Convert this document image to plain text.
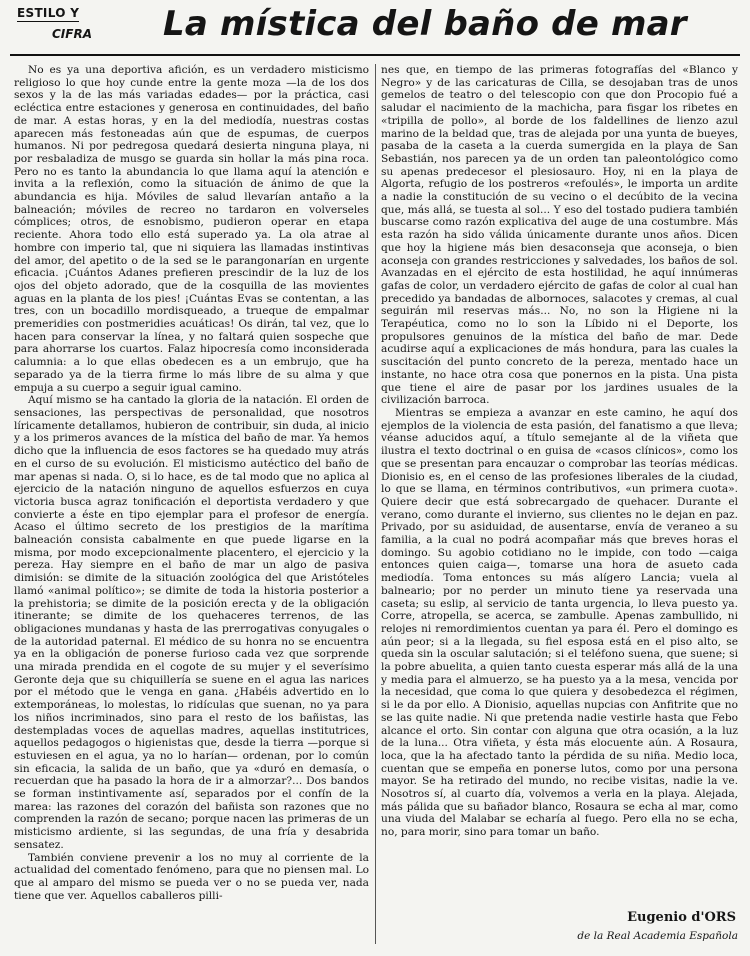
ESTILO Y
CIFRA La mística del baño de mar

No es ya una deportiva afición, es un verdadero misticismo religioso lo que hoy cunde entre la gente moza —la de los dos sexos y la de las más variadas edades— por la práctica, casi ecléctica entre estaciones y generosa en continuidades, del baño de mar. A estas horas, y en la del mediodía, nuestras costas aparecen más festoneadas aún que de espumas, de cuerpos humanos. Ni por pedregosa quedará desierta ninguna playa, ni por resbaladiza de musgo se guarda sin hollar la más pina roca. Pero no es tanto la abundancia lo que llama aquí la atención e invita a la reflexión, como la situación de ánimo de que la abundancia es hija. Móviles de salud llevarían antaño a la balneación; móviles de recreo no tardaron en volverseles cómplices; otros, de esnobismo, pudieron operar en etapa reciente. Ahora todo ello está superado ya. La ola atrae al hombre con imperio tal, que ni siquiera las llamadas instintivas del amor, del apetito o de la sed se le parangonarían en urgente eficacia. ¡Cuántos Adanes prefieren prescindir de la luz de los ojos del objeto adorado, que de la cosquilla de las movientes aguas en la planta de los pies! ¡Cuántas Evas se contentan, a las tres, con un bocadillo mordisqueado, a trueque de empalmar premeridies con postmeridies acuáticas! Os dirán, tal vez, que lo hacen para conservar la línea, y no faltará quien sospeche que para ahorrarse los cuartos. Falaz hipocresía como inconsiderada calumnia: a lo que ellas obedecen es a un embrujo, que ha separado ya de la tierra firme lo más libre de su alma y que empuja a su cuerpo a seguir igual camino.

Aquí mismo se ha cantado la gloria de la natación. El orden de sensaciones, las perspectivas de personalidad, que nosotros líricamente detallamos, hubieron de contribuir, sin duda, al inicio y a los primeros avances de la mística del baño de mar. Ya hemos dicho que la influencia de esos factores se ha quedado muy atrás en el curso de su evolución. El misticismo autéctico del baño de mar apenas si nada. O, si lo hace, es de tal modo que no aplica al ejercicio de la natación ninguno de aquellos esfuerzos en cuya victoria busca agraz tonificación el deportista verdadero y que convierte a éste en tipo ejemplar para el profesor de energía. Acaso el último secreto de los prestigios de la marítima balneación consista cabalmente en que puede ligarse en la misma, por modo excepcionalmente placentero, el ejercicio y la pereza. Hay siempre en el baño de mar un algo de pasiva dimisión: se dimite de la situación zoológica del que Aristóteles llamó «animal político»; se dimite de toda la historia posterior a la prehistoria; se dimite de la posición erecta y de la obligación itinerante; se dimite de los quehaceres terrenos, de las obligaciones mundanas y hasta de las prerrogativas conyugales o de la autoridad paternal. El médico de su honra no se encuentra ya en la obligación de ponerse furioso cada vez que sorprende una mirada prendida en el cogote de su mujer y el severísimo Geronte deja que su chiquillería se suene en el agua las narices por el método que le venga en gana. ¿Habéis advertido en lo extemporáneas, lo molestas, lo ridículas que suenan, no ya para los niños incriminados, sino para el resto de los bañistas, las destempladas voces de aquellas madres, aquellas institutrices, aquellos pedagogos o higienistas que, desde la tierra —porque si estuviesen en el agua, ya no lo harían— ordenan, por lo común sin eficacia, la salida de un baño, que ya «duró en demasía, o recuerdan que ha pasado la hora de ir a almorzar?... Dos bandos se forman instintivamente así, separados por el confín de la marea: las razones del corazón del bañista son razones que no comprenden la razón de secano; porque nacen las primeras de un misticismo ardiente, si las segundas, de una fría y desabrida sensatez.

También conviene prevenir a los no muy al corriente de la actualidad del comentado fenómeno, para que no piensen mal. Lo que al amparo del mismo se pueda ver o no se pueda ver, nada tiene que ver. Aquellos caballeros pilli-

nes que, en tiempo de las primeras fotografías del «Blanco y Negro» y de las caricaturas de Cilla, se desojaban tras de unos gemelos de teatro o del telescopio con que don Procopio fué a saludar el nacimiento de la machicha, para fisgar los ribetes en «tripilla de pollo», al borde de los faldellines de lienzo azul marino de la beldad que, tras de alejada por una yunta de bueyes, pasaba de la caseta a la cuerda sumergida en la playa de San Sebastián, nos parecen ya de un orden tan paleontológico como su apenas predecesor el plesiosauro. Hoy, ni en la playa de Algorta, refugio de los postreros «refoulés», le importa un ardite a nadie la constitución de su vecino o el decúbito de la vecina que, más allá, se tuesta al sol... Y eso del tostado pudiera también buscarse como razón explicativa del auge de una costumbre. Más esta razón ha sido válida únicamente durante unos años. Dicen que hoy la higiene más bien desaconseja que aconseja, o bien aconseja con grandes restricciones y salvedades, los baños de sol. Avanzadas en el ejército de esta hostilidad, he aquí innúmeras gafas de color, un verdadero ejército de gafas de color al cual han precedido ya bandadas de albornoces, salacotes y cremas, al cual seguirán mil reservas más... No, no son la Higiene ni la Terapéutica, como no lo son la Líbido ni el Deporte, los propulsores genuinos de la mística del baño de mar. Dede acudirse aquí a explicaciones de más hondura, para las cuales la suscitación del punto concreto de la pereza, mentado hace un instante, no hace otra cosa que ponernos en la pista. Una pista que tiene el aire de pasar por los jardines usuales de la civilización barroca.

Mientras se empieza a avanzar en este camino, he aquí dos ejemplos de la violencia de esta pasión, del fanatismo a que lleva; véanse aducidos aquí, a título semejante al de la viñeta que ilustra el texto doctrinal o en guisa de «casos clínicos», como los que se presentan para encauzar o comprobar las teorías médicas. Dionisio es, en el censo de las profesiones liberales de la ciudad, lo que se llama, en términos contributivos, «un primera cuota». Quiere decir que está sobrecargado de quehacer. Durante el verano, como durante el invierno, sus clientes no le dejan en paz. Privado, por su asiduidad, de ausentarse, envía de veraneo a su familia, a la cual no podrá acompañar más que breves horas el domingo. Su agobio cotidiano no le impide, con todo —caiga entonces quien caiga—, tomarse una hora de asueto cada mediodía. Toma entonces su más alígero Lancia; vuela al balneario; por no perder un minuto tiene ya reservada una caseta; su eslip, al servicio de tanta urgencia, lo lleva puesto ya. Corre, atropella, se acerca, se zambulle. Apenas zambullido, ni relojes ni remordimientos cuentan ya para él. Pero el domingo es aún peor; si a la llegada, su fiel esposa está en el piso alto, se queda sin la oscular salutación; si el teléfono suena, que suene; si la pobre abuelita, a quien tanto cuesta esperar más allá de la una y media para el almuerzo, se ha puesto ya a la mesa, vencida por la necesidad, que coma lo que quiera y desobedezca el régimen, si le da por ello. A Dionisio, aquellas nupcias con Anfitrite que no se las quite nadie. Ni que pretenda nadie vestirle hasta que Febo alcance el orto. Sin contar con alguna que otra ocasión, a la luz de la luna... Otra viñeta, y ésta más elocuente aún. A Rosaura, loca, que la ha afectado tanto la pérdida de su niña. Medio loca, cuentan que se empeña en ponerse lutos, como por una persona mayor. Se ha retirado del mundo, no recibe visitas, nadie la ve. Nosotros sí, al cuarto día, volvemos a verla en la playa. Alejada, más pálida que su bañador blanco, Rosaura se echa al mar, como una viuda del Malabar se echaría al fuego. Pero ella no se echa, no, para morir, sino para tomar un baño.

Eugenio d'ORS
de la Real Academia Española
